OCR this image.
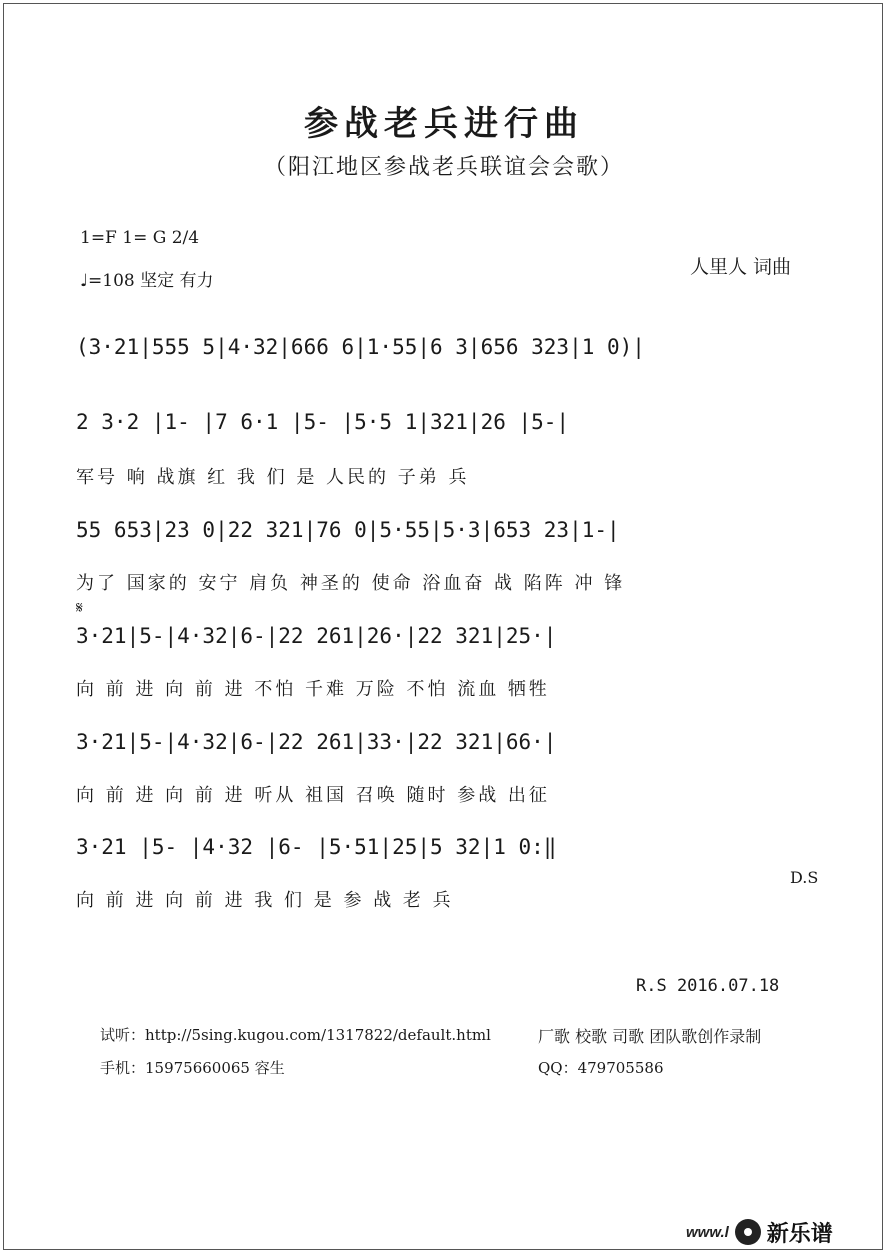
参战老兵进行曲
（阳江地区参战老兵联谊会会歌）
1=F 1= G 2/4
♩=108 坚定 有力
人里人 词曲
(3·21|555 5|4·32|666 6|1·55|6 3|656 323|1 0)|
2 3·2 |1- |7 6·1 |5- |5·5 1|321|26 |5-|
军号 响 战旗 红 我 们 是 人民的 子弟 兵
55 653|23 0|22 321|76 0|5·55|5·3|653 23|1-|
为了 国家的 安宁 肩负 神圣的 使命 浴血奋 战 陷阵 冲 锋
𝄋
3·21|5-|4·32|6-|22 261|26·|22 321|25·|
向 前 进 向 前 进 不怕 千难 万险 不怕 流血 牺牲
3·21|5-|4·32|6-|22 261|33·|22 321|66·|
向 前 进 向 前 进 听从 祖国 召唤 随时 参战 出征
3·21 |5- |4·32 |6- |5·51|25|5 32|1 0:‖
D.S
向 前 进 向 前 进 我 们 是 参 战 老 兵
R.S 2016.07.18
试听：http://5sing.kugou.com/1317822/default.html	厂歌 校歌 司歌 团队歌创作录制
手机：15975660065 容生	QQ：479705586
www.l 新乐谱
